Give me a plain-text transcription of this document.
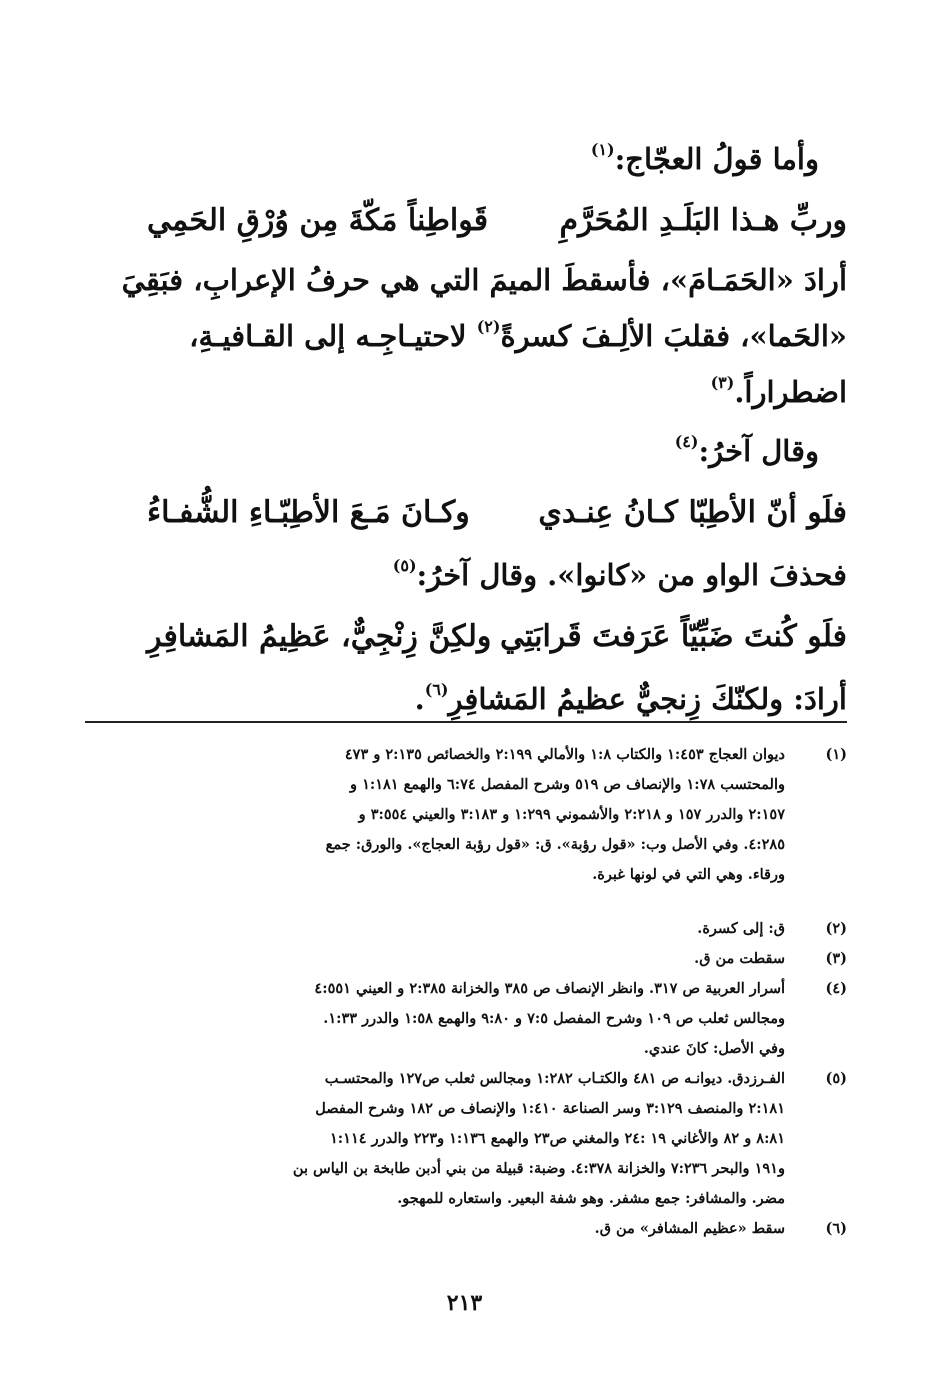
وأما قولُ العجّاج:$^{(١)}$
وربِّ هـذا البَلَـدِ المُحَرَّمِ
قَواطِناً مَكّةَ مِن وُرْقِ الحَمِي
أرادَ «الحَمَـامَ»، فأسقطَ الميمَ التي هي حرفُ الإعرابِ، فبَقِيَ
«الحَما»، فقلبَ الألِـفَ كسرةً$^{(٢)}$ لاحتيـاجِـه إلى القـافيـةِ،
اضطراراً.$^{(٣)}$
وقال آخرُ:$^{(٤)}$
فلَو أنّ الأطِبّا كـانُ عِنـدي
وكـانَ مَـعَ الأطِبّـاءِ الشُّفـاءُ
فحذفَ الواو من «كانوا». وقال آخرُ:$^{(٥)}$
فلَو كُنتَ ضَبِّيّاً عَرَفتَ قَرابَتِي
ولكِنَّ زِنْجِيٌّ، عَظِيمُ المَشافِرِ
أرادَ: ولكنّكَ زِنجيٌّ عظيمُ المَشافِرِ$^{(٦)}$.
(١)
ديوان العجاج ١:٤٥٣ والكتاب ١:٨ والأمالي ٢:١٩٩ والخصائص ٢:١٣٥ و ٤٧٣
والمحتسب ١:٧٨ والإنصاف ص ٥١٩ وشرح المفصل ٦:٧٤ والهمع ١:١٨١ و
٢:١٥٧ والدرر ١٥٧ و ٢:٢١٨ والأشموني ١:٢٩٩ و ٣:١٨٣ والعيني ٣:٥٥٤ و
٤:٢٨٥. وفي الأصل وب: «قول رؤبة». ق: «قول رؤبة العجاج». والورق: جمع
ورقاء. وهي التي في لونها غبرة.
(٢)
ق: إلى كسرة.
(٣)
سقطت من ق.
(٤)
أسرار العربية ص ٣١٧. وانظر الإنصاف ص ٣٨٥ والخزانة ٢:٣٨٥ و العيني ٤:٥٥١
ومجالس ثعلب ص ١٠٩ وشرح المفصل ٧:٥ و ٩:٨٠ والهمع ١:٥٨ والدرر ١:٣٣.
وفي الأصل: كانَ عندي.
(٥)
الفـرزدق. ديوانـه ص ٤٨١ والكتـاب ١:٢٨٢ ومجالس ثعلب ص١٢٧ والمحتسـب
٢:١٨١ والمنصف ٣:١٢٩ وسر الصناعة ١:٤١٠ والإنصاف ص ١٨٢ وشرح المفصل
٨:٨١ و ٨٢ والأغاني ١٩ :٢٤ والمغني ص٢٣ والهمع ١:١٣٦ و٢٢٣ والدرر ١:١١٤
و١٩١ والبحر ٧:٢٣٦ والخزانة ٤:٣٧٨. وضبة: قبيلة من بني أدبن طابخة بن الياس بن
مضر. والمشافر: جمع مشفر. وهو شفة البعير. واستعاره للمهجو.
(٦)
سقط «عظيم المشافر» من ق.
٢١٣
